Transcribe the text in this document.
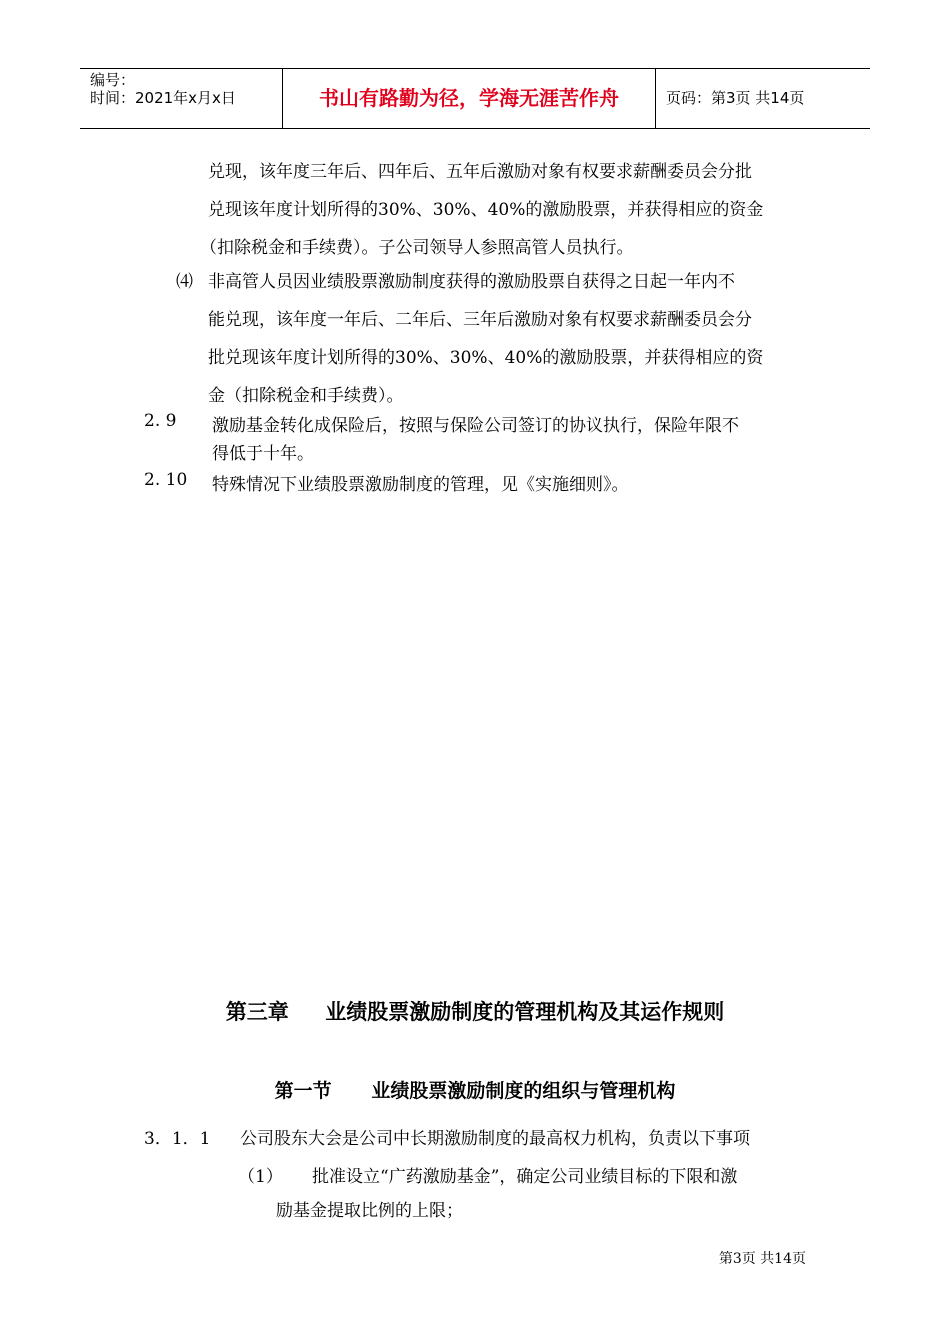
编号：
时间：2021年x月x日	书山有路勤为径，学海无涯苦作舟	页码：第3页 共14页
兑现，该年度三年后、四年后、五年后激励对象有权要求薪酬委员会分批
兑现该年度计划所得的30%、30%、40%的激励股票，并获得相应的资金
（扣除税金和手续费）。子公司领导人参照高管人员执行。
⑷ 非高管人员因业绩股票激励制度获得的激励股票自获得之日起一年内不
能兑现，该年度一年后、二年后、三年后激励对象有权要求薪酬委员会分
批兑现该年度计划所得的30%、30%、40%的激励股票，并获得相应的资
金（扣除税金和手续费）。
2. 9 激励基金转化成保险后，按照与保险公司签订的协议执行，保险年限不
得低于十年。
2. 10 特殊情况下业绩股票激励制度的管理，见《实施细则》。
第三章     业绩股票激励制度的管理机构及其运作规则
第一节      业绩股票激励制度的组织与管理机构
3．1．1 公司股东大会是公司中长期激励制度的最高权力机构，负责以下事项
（1） 批准设立“广药激励基金”，确定公司业绩目标的下限和激
励基金提取比例的上限；
第3页 共14页
